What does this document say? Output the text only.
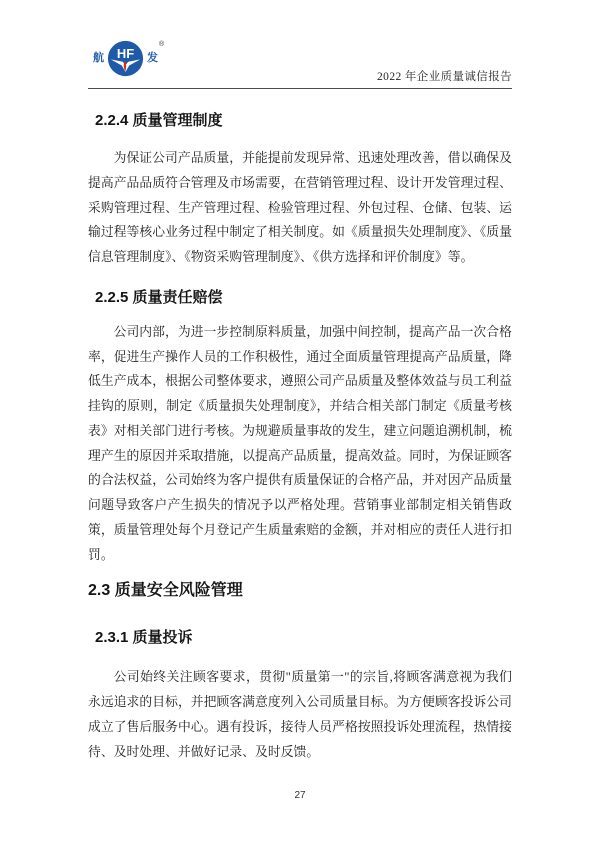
航 HF 发
®
2022 年企业质量诚信报告
2.2.4 质量管理制度

为保证公司产品质量，并能提前发现异常、迅速处理改善，借以确保及提高产品品质符合管理及市场需要，在营销管理过程、设计开发管理过程、采购管理过程、生产管理过程、检验管理过程、外包过程、仓储、包装、运输过程等核心业务过程中制定了相关制度。如《质量损失处理制度》、《质量信息管理制度》、《物资采购管理制度》、《供方选择和评价制度》等。

2.2.5 质量责任赔偿

公司内部，为进一步控制原料质量，加强中间控制，提高产品一次合格率，促进生产操作人员的工作积极性，通过全面质量管理提高产品质量，降低生产成本，根据公司整体要求，遵照公司产品质量及整体效益与员工利益挂钩的原则，制定《质量损失处理制度》，并结合相关部门制定《质量考核表》对相关部门进行考核。为规避质量事故的发生，建立问题追溯机制，梳理产生的原因并采取措施，以提高产品质量，提高效益。同时，为保证顾客的合法权益，公司始终为客户提供有质量保证的合格产品，并对因产品质量问题导致客户产生损失的情况予以严格处理。营销事业部制定相关销售政策，质量管理处每个月登记产生质量索赔的金额，并对相应的责任人进行扣罚。

2.3 质量安全风险管理
2.3.1 质量投诉

公司始终关注顾客要求，贯彻"质量第一"的宗旨,将顾客满意视为我们永远追求的目标，并把顾客满意度列入公司质量目标。为方便顾客投诉公司成立了售后服务中心。遇有投诉，接待人员严格按照投诉处理流程，热情接待、及时处理、并做好记录、及时反馈。

27
